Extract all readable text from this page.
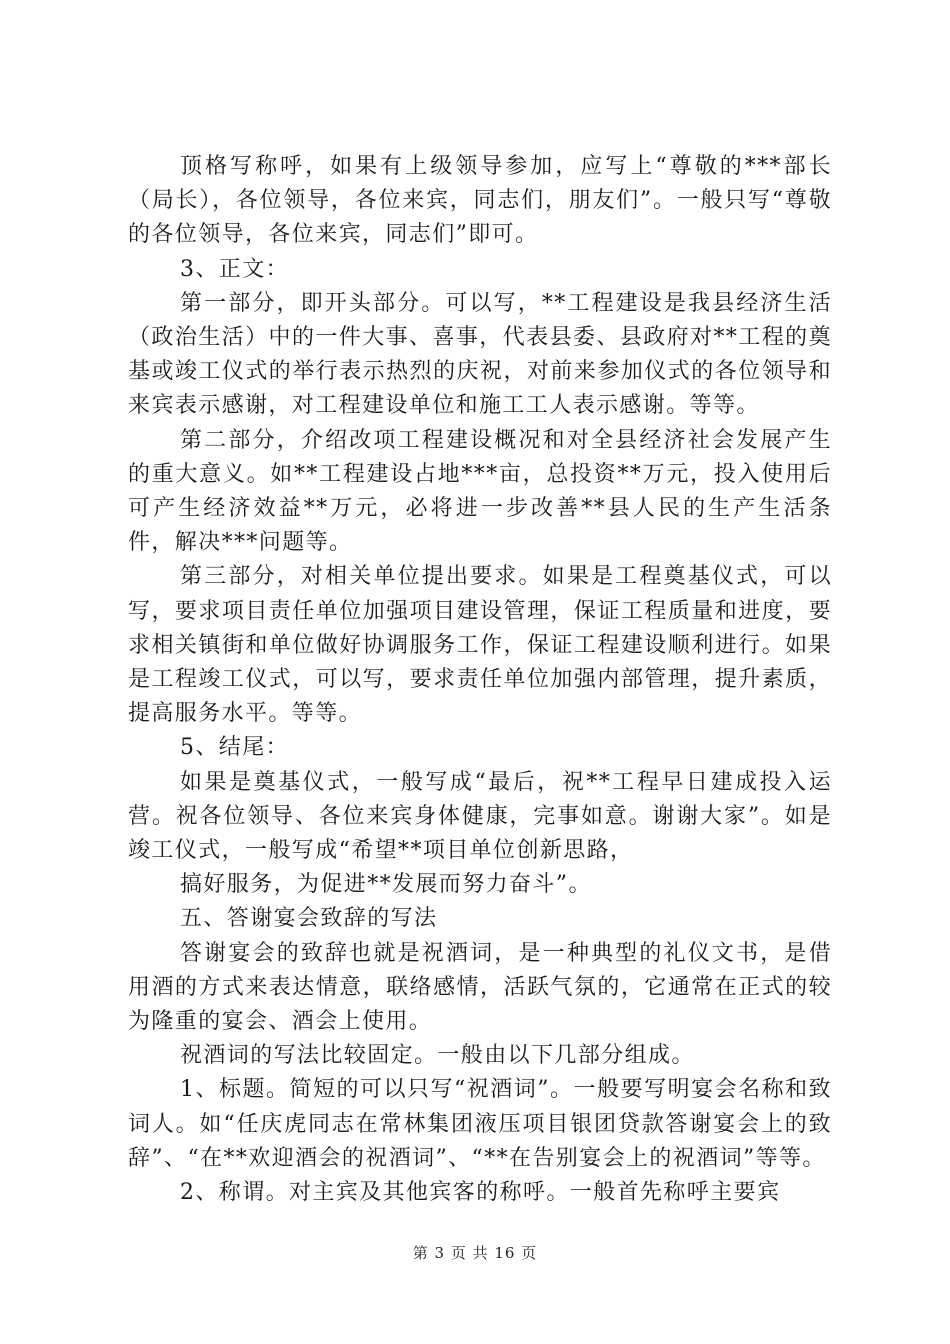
顶格写称呼，如果有上级领导参加，应写上“尊敬的***部长（局长），各位领导，各位来宾，同志们，朋友们”。一般只写“尊敬的各位领导，各位来宾，同志们”即可。

3、正文：

第一部分，即开头部分。可以写，**工程建设是我县经济生活（政治生活）中的一件大事、喜事，代表县委、县政府对**工程的奠基或竣工仪式的举行表示热烈的庆祝，对前来参加仪式的各位领导和来宾表示感谢，对工程建设单位和施工工人表示感谢。等等。

第二部分，介绍改项工程建设概况和对全县经济社会发展产生的重大意义。如**工程建设占地***亩，总投资**万元，投入使用后可产生经济效益**万元，必将进一步改善**县人民的生产生活条件，解决***问题等。

第三部分，对相关单位提出要求。如果是工程奠基仪式，可以写，要求项目责任单位加强项目建设管理，保证工程质量和进度，要求相关镇街和单位做好协调服务工作，保证工程建设顺利进行。如果是工程竣工仪式，可以写，要求责任单位加强内部管理，提升素质，提高服务水平。等等。

5、结尾：

如果是奠基仪式，一般写成“最后，祝**工程早日建成投入运营。祝各位领导、各位来宾身体健康，完事如意。谢谢大家”。如是竣工仪式，一般写成“希望**项目单位创新思路，

搞好服务，为促进**发展而努力奋斗”。

五、答谢宴会致辞的写法

答谢宴会的致辞也就是祝酒词，是一种典型的礼仪文书，是借用酒的方式来表达情意，联络感情，活跃气氛的，它通常在正式的较为隆重的宴会、酒会上使用。

祝酒词的写法比较固定。一般由以下几部分组成。

1、标题。简短的可以只写“祝酒词”。一般要写明宴会名称和致词人。如“任庆虎同志在常林集团液压项目银团贷款答谢宴会上的致辞”、“在**欢迎酒会的祝酒词”、“**在告别宴会上的祝酒词”等等。

2、称谓。对主宾及其他宾客的称呼。一般首先称呼主要宾

第 3 页 共 16 页
